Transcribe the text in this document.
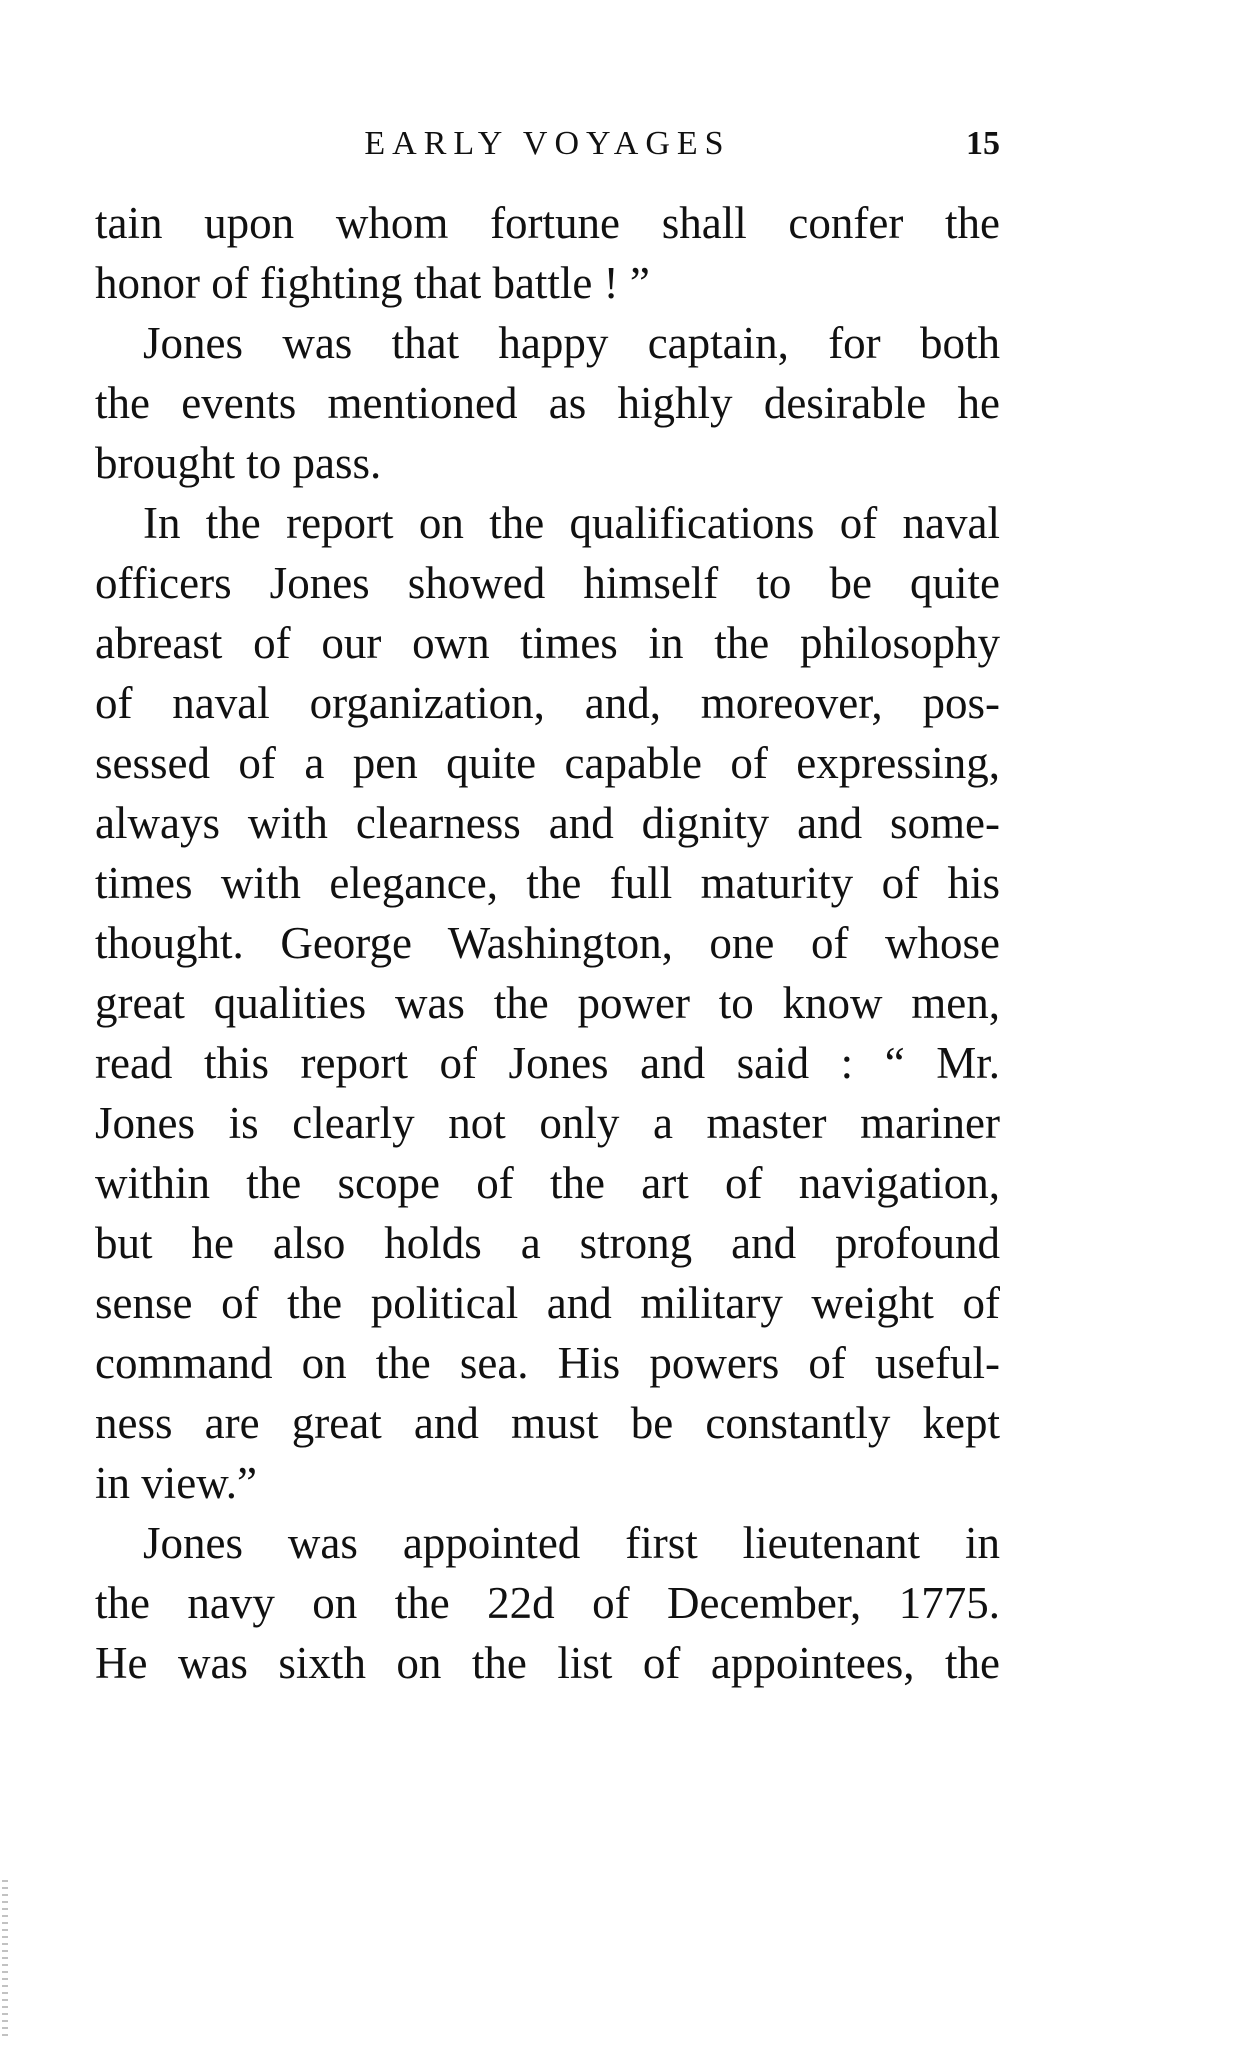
EARLY VOYAGES	15
tain upon whom fortune shall confer the
honor of fighting that battle ! ”
Jones was that happy captain, for both
the events mentioned as highly desirable he
brought to pass.
In the report on the qualifications of naval
officers Jones showed himself to be quite
abreast of our own times in the philosophy
of naval organization, and, moreover, pos-
sessed of a pen quite capable of expressing,
always with clearness and dignity and some-
times with elegance, the full maturity of his
thought. George Washington, one of whose
great qualities was the power to know men,
read this report of Jones and said : “ Mr.
Jones is clearly not only a master mariner
within the scope of the art of navigation,
but he also holds a strong and profound
sense of the political and military weight of
command on the sea. His powers of useful-
ness are great and must be constantly kept
in view.”
Jones was appointed first lieutenant in
the navy on the 22d of December, 1775.
He was sixth on the list of appointees, the
